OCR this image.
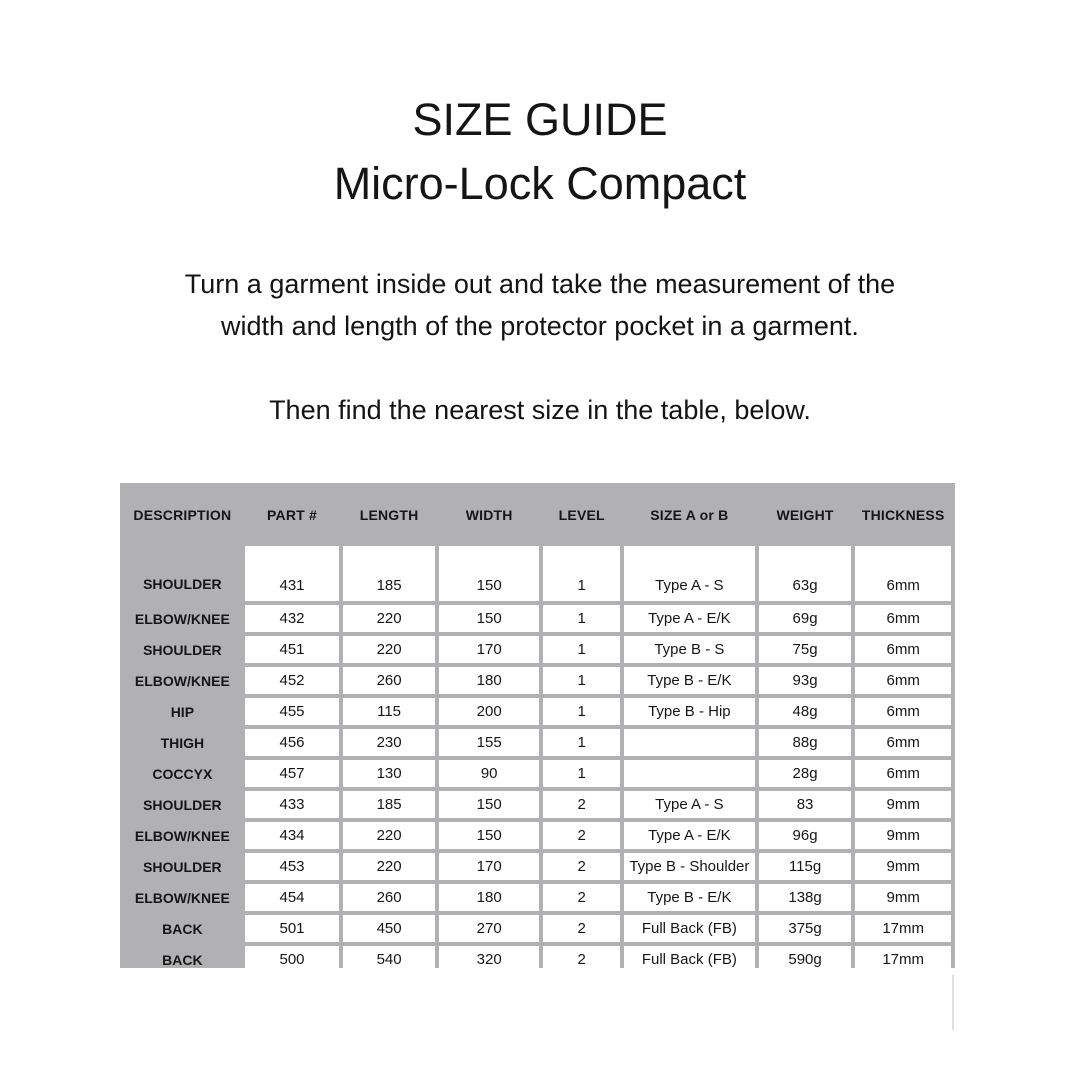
SIZE GUIDE
Micro-Lock Compact
Turn a garment inside out and take the measurement of the
width and length of the protector pocket in a garment.
Then find the nearest size in the table, below.
DESCRIPTION	PART #	LENGTH	WIDTH	LEVEL	SIZE A or B	WEIGHT	THICKNESS
SHOULDER	431	185	150	1	Type A - S	63g	6mm
ELBOW/KNEE	432	220	150	1	Type A - E/K	69g	6mm
SHOULDER	451	220	170	1	Type B - S	75g	6mm
ELBOW/KNEE	452	260	180	1	Type B - E/K	93g	6mm
HIP	455	115	200	1	Type B - Hip	48g	6mm
THIGH	456	230	155	1		88g	6mm
COCCYX	457	130	90	1		28g	6mm
SHOULDER	433	185	150	2	Type A - S	83	9mm
ELBOW/KNEE	434	220	150	2	Type A - E/K	96g	9mm
SHOULDER	453	220	170	2	Type B - Shoulder	115g	9mm
ELBOW/KNEE	454	260	180	2	Type B - E/K	138g	9mm
BACK	501	450	270	2	Full Back (FB)	375g	17mm
BACK	500	540	320	2	Full Back (FB)	590g	17mm
